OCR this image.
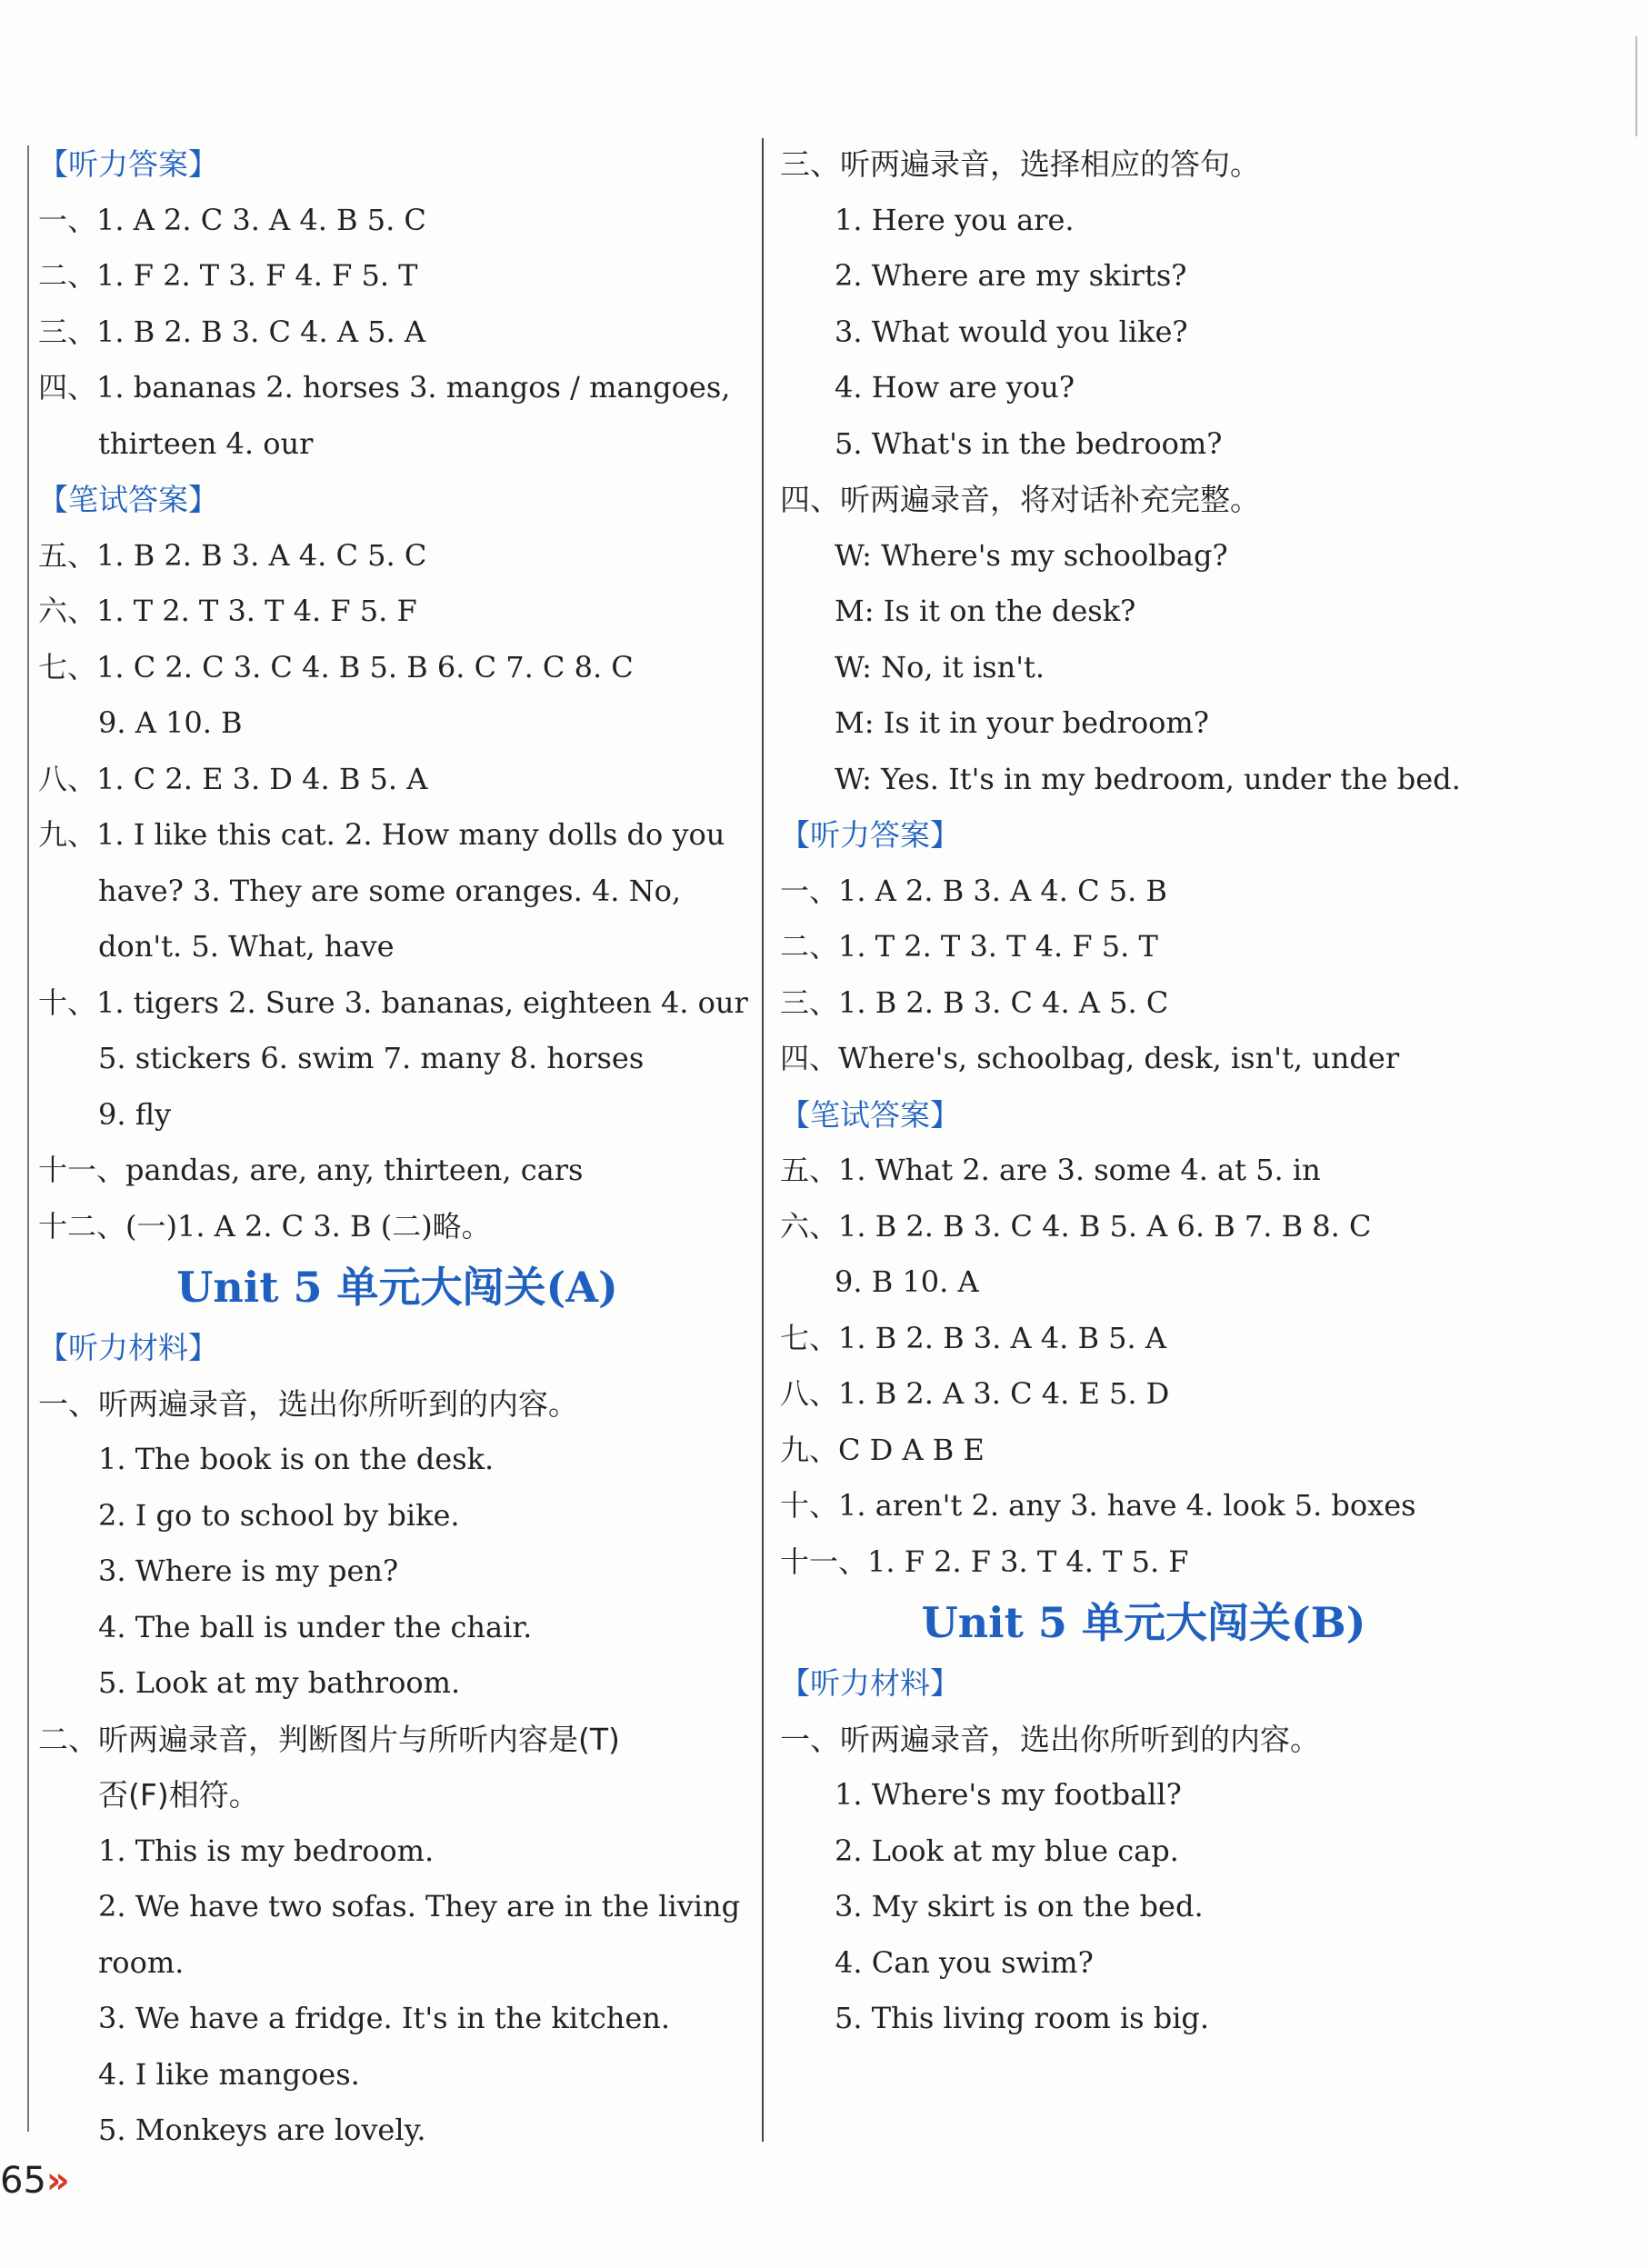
【听力答案】
一、1. A 2. C 3. A 4. B 5. C
二、1. F 2. T 3. F 4. F 5. T
三、1. B 2. B 3. C 4. A 5. A
四、1. bananas 2. horses 3. mangos / mangoes,
thirteen 4. our
【笔试答案】
五、1. B 2. B 3. A 4. C 5. C
六、1. T 2. T 3. T 4. F 5. F
七、1. C 2. C 3. C 4. B 5. B 6. C 7. C 8. C
9. A 10. B
八、1. C 2. E 3. D 4. B 5. A
九、1. I like this cat. 2. How many dolls do you
have? 3. They are some oranges. 4. No,
don't. 5. What, have
十、1. tigers 2. Sure 3. bananas, eighteen 4. our
5. stickers 6. swim 7. many 8. horses
9. fly
十一、pandas, are, any, thirteen, cars
十二、(一)1. A 2. C 3. B (二)略。
Unit 5 单元大闯关(A)
【听力材料】
一、听两遍录音，选出你所听到的内容。
1. The book is on the desk.
2. I go to school by bike.
3. Where is my pen?
4. The ball is under the chair.
5. Look at my bathroom.
二、听两遍录音，判断图片与所听内容是(T)
否(F)相符。
1. This is my bedroom.
2. We have two sofas. They are in the living
room.
3. We have a fridge. It's in the kitchen.
4. I like mangoes.
5. Monkeys are lovely.
三、听两遍录音，选择相应的答句。
1. Here you are.
2. Where are my skirts?
3. What would you like?
4. How are you?
5. What's in the bedroom?
四、听两遍录音，将对话补充完整。
W: Where's my schoolbag?
M: Is it on the desk?
W: No, it isn't.
M: Is it in your bedroom?
W: Yes. It's in my bedroom, under the bed.
【听力答案】
一、1. A 2. B 3. A 4. C 5. B
二、1. T 2. T 3. T 4. F 5. T
三、1. B 2. B 3. C 4. A 5. C
四、Where's, schoolbag, desk, isn't, under
【笔试答案】
五、1. What 2. are 3. some 4. at 5. in
六、1. B 2. B 3. C 4. B 5. A 6. B 7. B 8. C
9. B 10. A
七、1. B 2. B 3. A 4. B 5. A
八、1. B 2. A 3. C 4. E 5. D
九、C D A B E
十、1. aren't 2. any 3. have 4. look 5. boxes
十一、1. F 2. F 3. T 4. T 5. F
Unit 5 单元大闯关(B)
【听力材料】
一、听两遍录音，选出你所听到的内容。
1. Where's my football?
2. Look at my blue cap.
3. My skirt is on the bed.
4. Can you swim?
5. This living room is big.
65»
